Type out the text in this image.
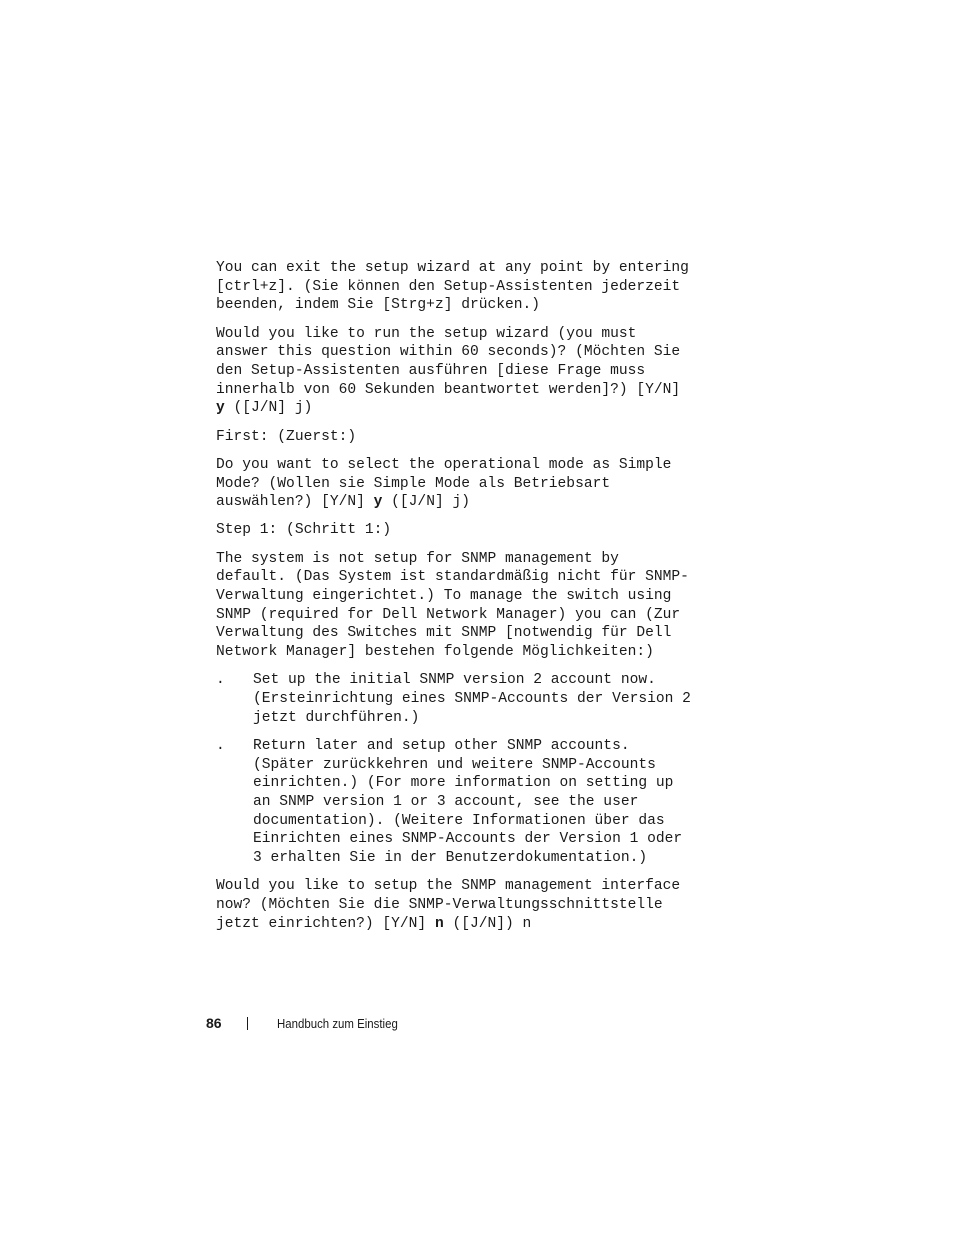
You can exit the setup wizard at any point by entering
[ctrl+z]. (Sie können den Setup-Assistenten jederzeit
beenden, indem Sie [Strg+z] drücken.)
Would you like to run the setup wizard (you must
answer this question within 60 seconds)? (Möchten Sie
den Setup-Assistenten ausführen [diese Frage muss
innerhalb von 60 Sekunden beantwortet werden]?) [Y/N]
y ([J/N] j)
First: (Zuerst:)
Do you want to select the operational mode as Simple
Mode? (Wollen sie Simple Mode als Betriebsart
auswählen?) [Y/N] y ([J/N] j)
Step 1: (Schritt 1:)
The system is not setup for SNMP management by
default. (Das System ist standardmäßig nicht für SNMP-
Verwaltung eingerichtet.) To manage the switch using
SNMP (required for Dell Network Manager) you can (Zur
Verwaltung des Switches mit SNMP [notwendig für Dell
Network Manager] bestehen folgende Möglichkeiten:)
.	Set up the initial SNMP version 2 account now.
(Ersteinrichtung eines SNMP-Accounts der Version 2
jetzt durchführen.)
.	Return later and setup other SNMP accounts.
(Später zurückkehren und weitere SNMP-Accounts
einrichten.) (For more information on setting up
an SNMP version 1 or 3 account, see the user
documentation). (Weitere Informationen über das
Einrichten eines SNMP-Accounts der Version 1 oder
3 erhalten Sie in der Benutzerdokumentation.)
Would you like to setup the SNMP management interface
now? (Möchten Sie die SNMP-Verwaltungsschnittstelle
jetzt einrichten?) [Y/N] n ([J/N]) n
86	Handbuch zum Einstieg
